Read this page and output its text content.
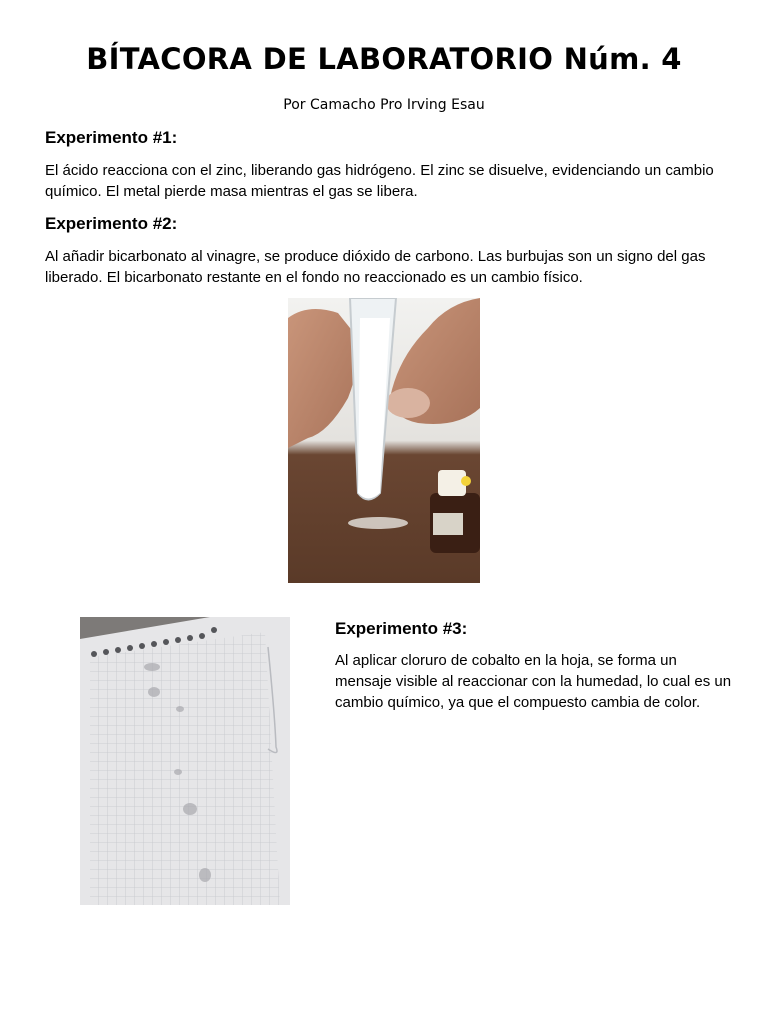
BÍTACORA DE LABORATORIO Núm. 4
Por Camacho Pro Irving Esau
Experimento #1:

El ácido reacciona con el zinc, liberando gas hidrógeno. El zinc se disuelve, evidenciando un cambio químico. El metal pierde masa mientras el gas se libera.

Experimento #2:

Al añadir bicarbonato al vinagre, se produce dióxido de carbono. Las burbujas son un signo del gas liberado. El bicarbonato restante en el fondo no reaccionado es un cambio físico.

Experimento #3:

Al aplicar cloruro de cobalto en la hoja, se forma un mensaje visible al reaccionar con la humedad, lo cual es un cambio químico, ya que el compuesto cambia de color.
